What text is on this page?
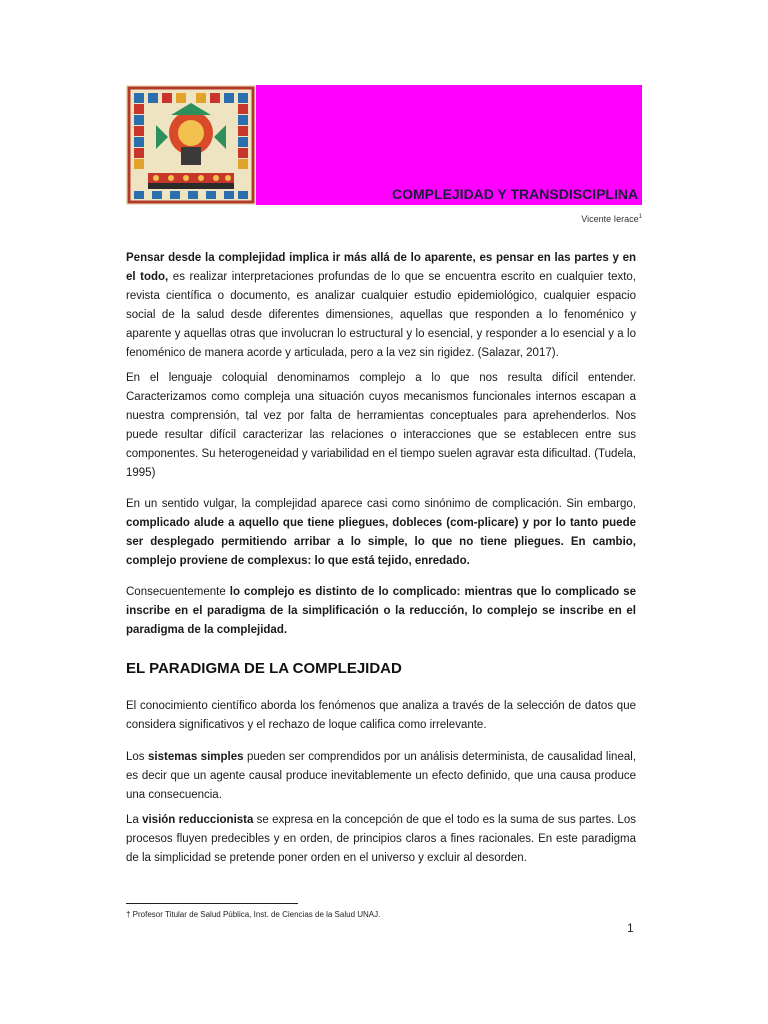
COMPLEJIDAD Y TRANSDISCIPLINA
Vicente Ierace$^1$
Pensar desde la complejidad implica ir más allá de lo aparente, es pensar en las partes y en el todo, es realizar interpretaciones profundas de lo que se encuentra escrito en cualquier texto, revista científica o documento, es analizar cualquier estudio epidemiológico, cualquier espacio social de la salud desde diferentes dimensiones, aquellas que responden a lo fenoménico y aparente y aquellas otras que involucran lo estructural y lo esencial, y responder a lo esencial y a lo fenoménico de manera acorde y articulada, pero a la vez sin rigidez. (Salazar, 2017).
En el lenguaje coloquial denominamos complejo a lo que nos resulta difícil entender. Caracterizamos como compleja una situación cuyos mecanismos funcionales internos escapan a nuestra comprensión, tal vez por falta de herramientas conceptuales para aprehenderlos. Nos puede resultar difícil caracterizar las relaciones o interacciones que se establecen entre sus componentes. Su heterogeneidad y variabilidad en el tiempo suelen agravar esta dificultad. (Tudela, 1995)
En un sentido vulgar, la complejidad aparece casi como sinónimo de complicación. Sin embargo, complicado alude a aquello que tiene pliegues, dobleces (com-plicare) y por lo tanto puede ser desplegado permitiendo arribar a lo simple, lo que no tiene pliegues. En cambio, complejo proviene de complexus: lo que está tejido, enredado.
Consecuentemente lo complejo es distinto de lo complicado: mientras que lo complicado se inscribe en el paradigma de la simplificación o la reducción, lo complejo se inscribe en el paradigma de la complejidad.
EL PARADIGMA DE LA COMPLEJIDAD
El conocimiento científico aborda los fenómenos que analiza a través de la selección de datos que considera significativos y el rechazo de loque califica como irrelevante.
Los sistemas simples pueden ser comprendidos por un análisis determinista, de causalidad lineal, es decir que un agente causal produce inevitablemente un efecto definido, que una causa produce una consecuencia.
La visión reduccionista se expresa en la concepción de que el todo es la suma de sus partes. Los procesos fluyen predecibles y en orden, de principios claros a fines racionales. En este paradigma de la simplicidad se pretende poner orden en el universo y excluir al desorden.
† Profesor Titular de Salud Pública, Inst. de Ciencias de la Salud UNAJ.
1
